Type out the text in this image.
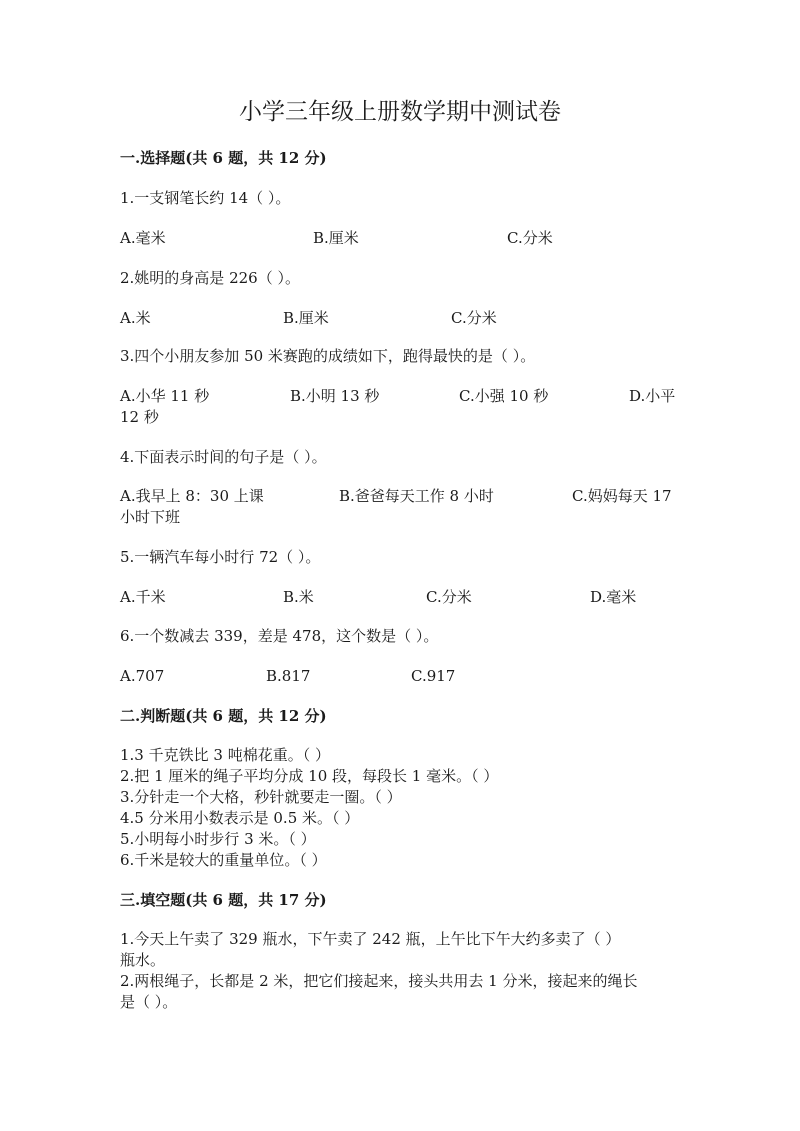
小学三年级上册数学期中测试卷
一.选择题(共 6 题，共 12 分)
1.一支钢笔长约 14（ ）。
A.毫米	B.厘米	C.分米
2.姚明的身高是 226（ ）。
A.米	B.厘米	C.分米
3.四个小朋友参加 50 米赛跑的成绩如下，跑得最快的是（ ）。
A.小华 11 秒	B.小明 13 秒	C.小强 10 秒	D.小平
12 秒
4.下面表示时间的句子是（ ）。
A.我早上 8：30 上课	B.爸爸每天工作 8 小时	C.妈妈每天 17
小时下班
5.一辆汽车每小时行 72（ ）。
A.千米	B.米	C.分米	D.毫米
6.一个数减去 339，差是 478，这个数是（ ）。
A.707	B.817	C.917
二.判断题(共 6 题，共 12 分)
1.3 千克铁比 3 吨棉花重。（ ）
2.把 1 厘米的绳子平均分成 10 段，每段长 1 毫米。（ ）
3.分针走一个大格，秒针就要走一圈。（ ）
4.5 分米用小数表示是 0.5 米。（ ）
5.小明每小时步行 3 米。（ ）
6.千米是较大的重量单位。（ ）
三.填空题(共 6 题，共 17 分)
1.今天上午卖了 329 瓶水，下午卖了 242 瓶，上午比下午大约多卖了（ ）
瓶水。
2.两根绳子，长都是 2 米，把它们接起来，接头共用去 1 分米，接起来的绳长
是（ ）。
